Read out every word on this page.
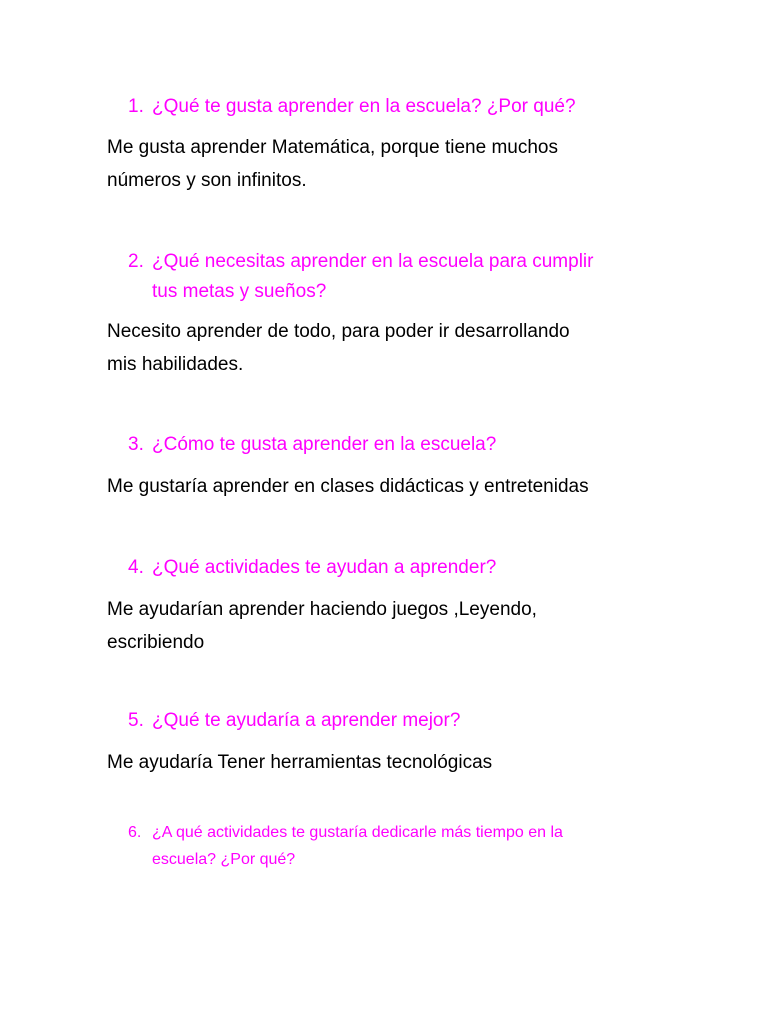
1. ¿Qué te gusta aprender en la escuela? ¿Por qué?
Me gusta aprender Matemática, porque tiene muchos
números y son infinitos.
2. ¿Qué necesitas aprender en la escuela para cumplir
tus metas y sueños?
Necesito aprender de todo, para poder ir desarrollando
mis habilidades.
3. ¿Cómo te gusta aprender en la escuela?
Me gustaría aprender en clases didácticas y entretenidas
4. ¿Qué actividades te ayudan a aprender?
Me ayudarían aprender haciendo juegos ,Leyendo,
escribiendo
5. ¿Qué te ayudaría a aprender mejor?
Me ayudaría Tener herramientas tecnológicas
6. ¿A qué actividades te gustaría dedicarle más tiempo en la
escuela? ¿Por qué?
